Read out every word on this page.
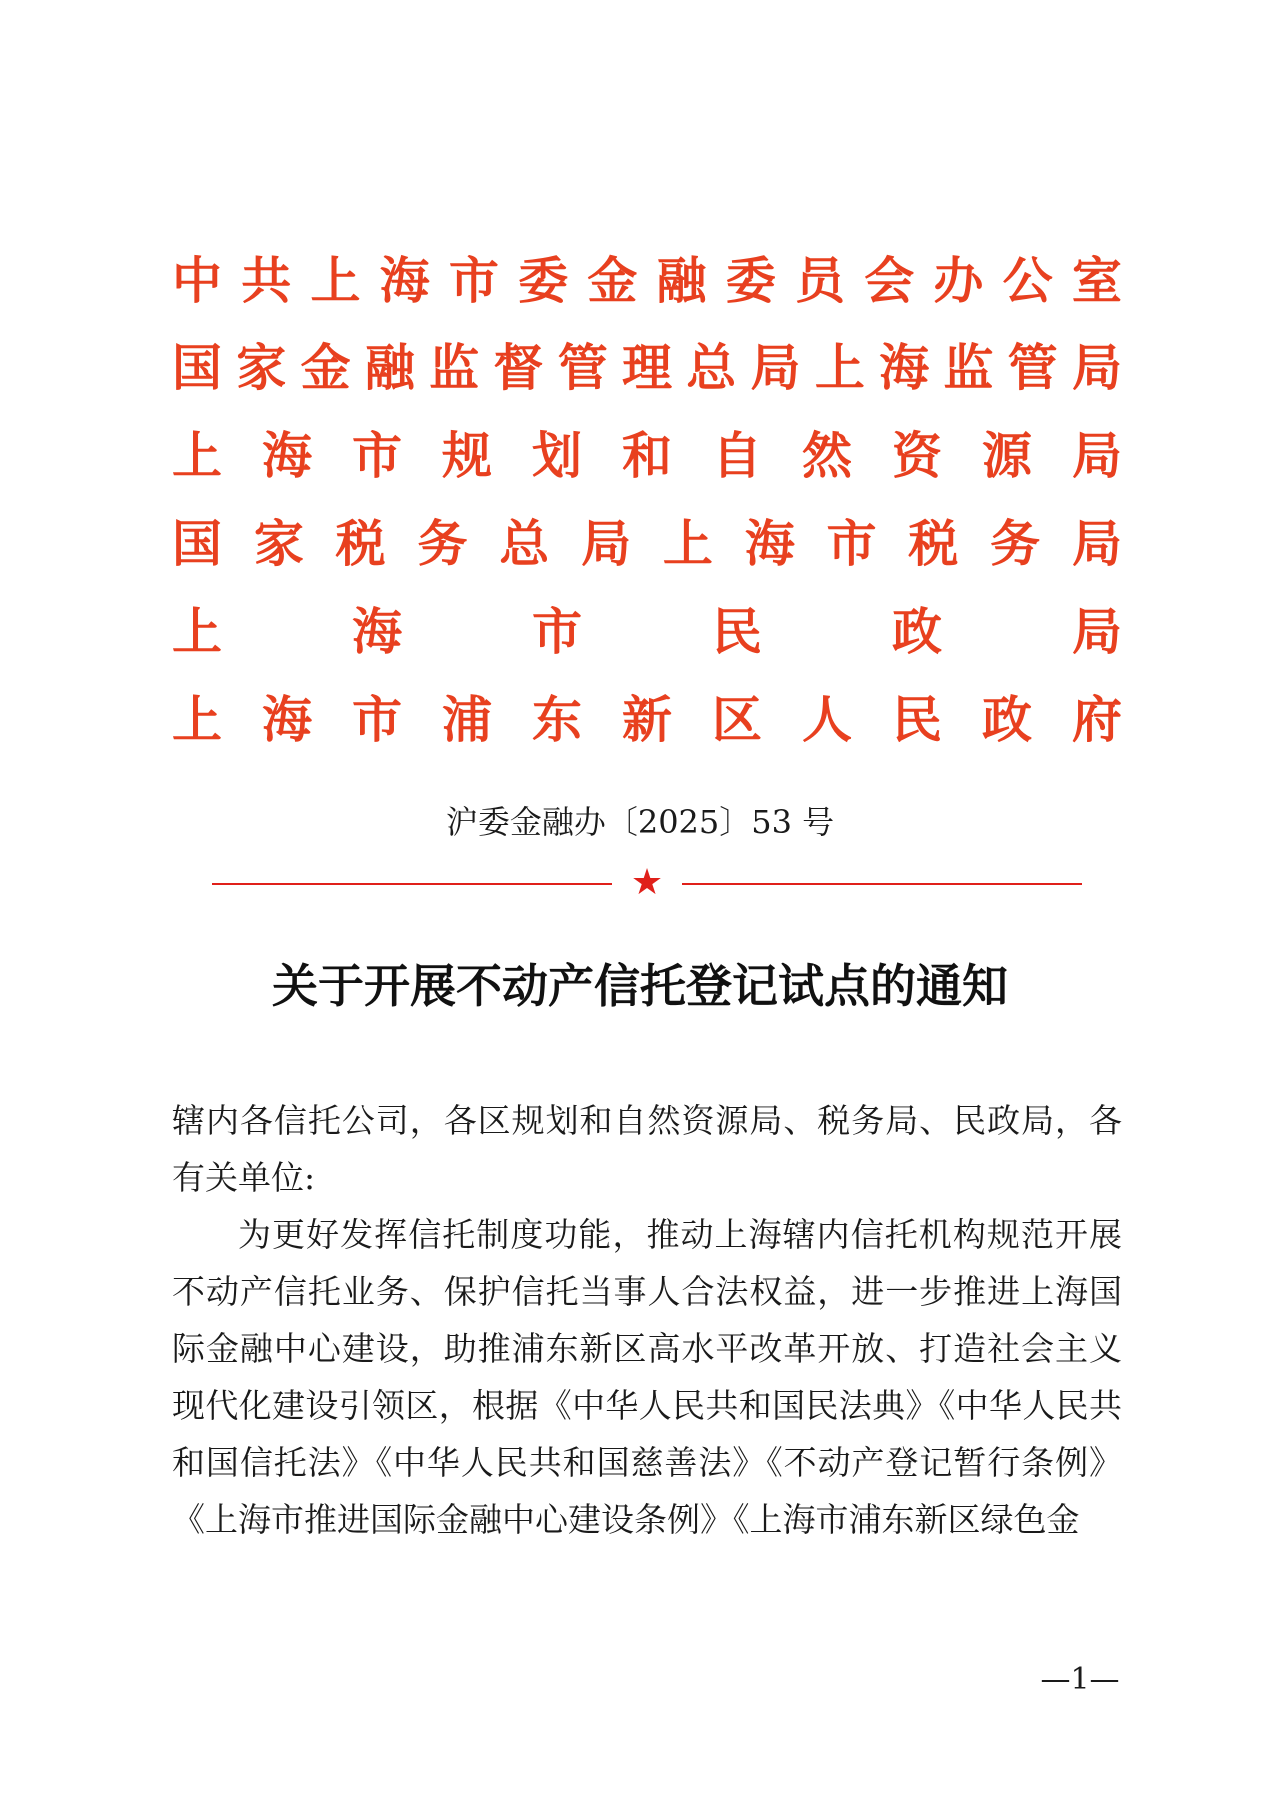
中 共 上 海 市 委 金 融 委 员 会 办 公 室
国 家 金 融 监 督 管 理 总 局 上 海 监 管 局
上 海 市 规 划 和 自 然 资 源 局
国 家 税 务 总 局 上 海 市 税 务 局
上	海	市	民	政	局
上 海 市 浦 东 新 区 人 民 政 府
沪委金融办〔2025〕53 号
★
关于开展不动产信托登记试点的通知

辖内各信托公司，各区规划和自然资源局、税务局、民政局，各有关单位:

为更好发挥信托制度功能，推动上海辖内信托机构规范开展不动产信托业务、保护信托当事人合法权益，进一步推进上海国际金融中心建设，助推浦东新区高水平改革开放、打造社会主义现代化建设引领区，根据《中华人民共和国民法典》《中华人民共和国信托法》《中华人民共和国慈善法》《不动产登记暂行条例》《上海市推进国际金融中心建设条例》《上海市浦东新区绿色金

—1—
